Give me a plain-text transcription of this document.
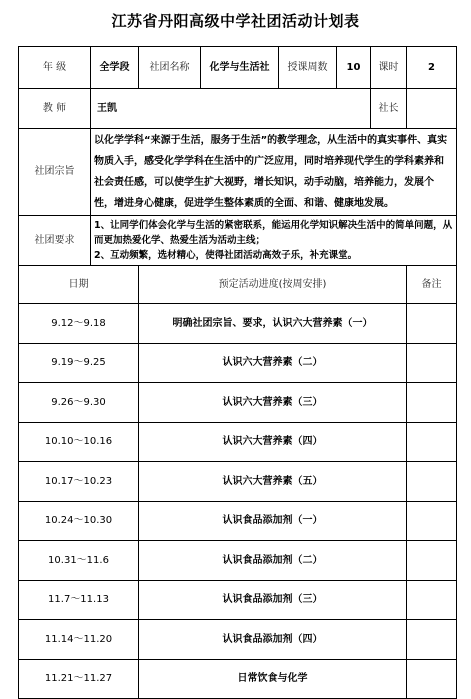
江苏省丹阳高级中学社团活动计划表
年 级	全学段	社团名称	化学与生活社	授课周数	10	课时	2
教 师	王凯					社长	
社团宗旨	以化学学科“来源于生活，服务于生活”的教学理念，从生活中的真实事件、真实物质入手，感受化学学科在生活中的广泛应用，同时培养现代学生的学科素养和社会责任感，可以使学生扩大视野，增长知识，动手动脑，培养能力，发展个性，增进身心健康，促进学生整体素质的全面、和谐、健康地发展。						
社团要求	1、让同学们体会化学与生活的紧密联系，能运用化学知识解决生活中的简单问题，从而更加热爱化学、热爱生活为活动主线；
2、互动频繁，选材精心，使得社团活动高效子乐，补充课堂。						

日期		预定活动进度(按周安排)					备注
9.12～9.18		明确社团宗旨、要求，认识六大营养素（一）					
9.19～9.25		认识六大营养素（二）					
9.26～9.30		认识六大营养素（三）					
10.10～10.16		认识六大营养素（四）					
10.17～10.23		认识六大营养素（五）					
10.24～10.30		认识食品添加剂（一）					
10.31～11.6		认识食品添加剂（二）					
11.7～11.13		认识食品添加剂（三）					
11.14～11.20		认识食品添加剂（四）					
11.21～11.27		日常饮食与化学					
